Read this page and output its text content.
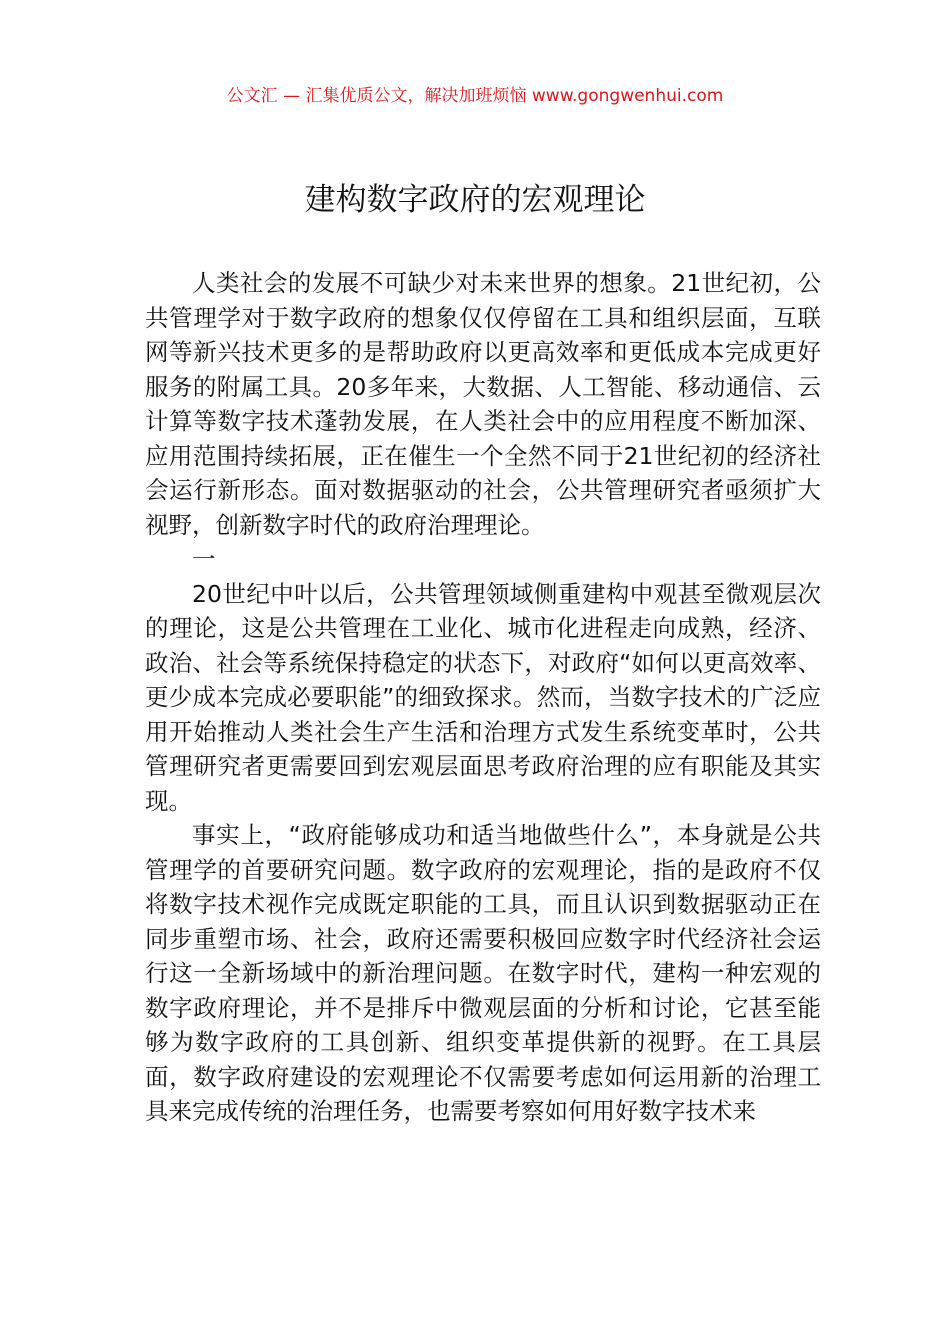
公文汇 — 汇集优质公文，解决加班烦恼 www.gongwenhui.com
建构数字政府的宏观理论

人类社会的发展不可缺少对未来世界的想象。21世纪初，公共管理学对于数字政府的想象仅仅停留在工具和组织层面，互联网等新兴技术更多的是帮助政府以更高效率和更低成本完成更好服务的附属工具。20多年来，大数据、人工智能、移动通信、云计算等数字技术蓬勃发展，在人类社会中的应用程度不断加深、应用范围持续拓展，正在催生一个全然不同于21世纪初的经济社会运行新形态。面对数据驱动的社会，公共管理研究者亟须扩大视野，创新数字时代的政府治理理论。

一

20世纪中叶以后，公共管理领域侧重建构中观甚至微观层次的理论，这是公共管理在工业化、城市化进程走向成熟，经济、政治、社会等系统保持稳定的状态下，对政府“如何以更高效率、更少成本完成必要职能”的细致探求。然而，当数字技术的广泛应用开始推动人类社会生产生活和治理方式发生系统变革时，公共管理研究者更需要回到宏观层面思考政府治理的应有职能及其实现。

事实上，“政府能够成功和适当地做些什么”，本身就是公共管理学的首要研究问题。数字政府的宏观理论，指的是政府不仅将数字技术视作完成既定职能的工具，而且认识到数据驱动正在同步重塑市场、社会，政府还需要积极回应数字时代经济社会运行这一全新场域中的新治理问题。在数字时代，建构一种宏观的数字政府理论，并不是排斥中微观层面的分析和讨论，它甚至能够为数字政府的工具创新、组织变革提供新的视野。在工具层面，数字政府建设的宏观理论不仅需要考虑如何运用新的治理工具来完成传统的治理任务，也需要考察如何用好数字技术来
